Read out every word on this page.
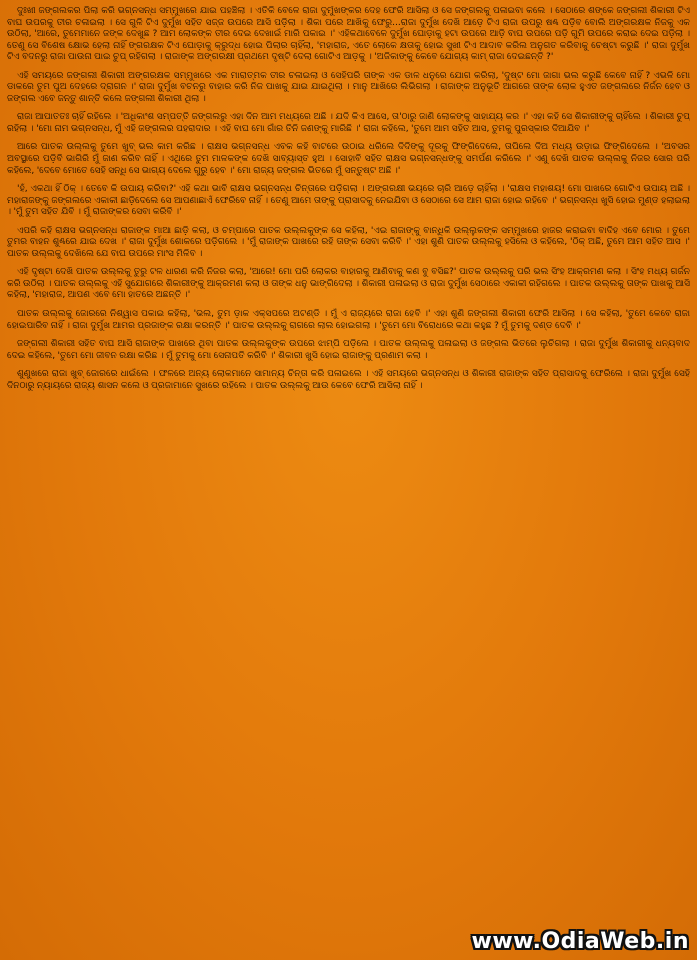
ଦୁଃଖୀ ଜଙ୍ଗଲକର ପିଲା କରି ଭଗ୍ନସନ୍ଧ ସମ୍ମୁଖରେ ଯାଇ ପହଞ୍ଚିଲା । ଏତିକି ବେଳେ ରାଜା ଦୁର୍ମୁଖଙ୍କର ଦେହ ଫେରି ଆସିଲା ଓ ସେ ଜଙ୍ଗଲକୁ ପଳାଇବା କଲେ । ସେଠାରେ ଶଙ୍କେ ଜଙ୍ଗଲୀ ଶିକାରୀ ଟିଏ ବାଘ ଉପରକୁ ତୀର ଚଳାଇଲା । ସେ ଗୁଳି ଟିଏ ଦୁର୍ମୁଖ ସହିତ ସଜ୍ଜ ଉପରେ ଆସି ପଡ଼ିଲା । ଶିକା ପରେ ଆଖିକୁ ଫେରୁ...ରାଜା ଦୁର୍ମୁଖ ଦେଖି ଆଡ଼େ ଟିଏ ରାଜା ଉପରୁ ଷଣ୍ଢ ପଡ଼ିବ ବୋଲି ଅଙ୍ଗରକ୍ଷକ ନିଜକୁ ଏକ ଉଠିଲା, 'ଆରେ, ତୁମେମାନେ ଜଙ୍କ ଦେଖୁଛ ? ଆମ ଲୋକଙ୍କ ତୀର ଦେଇ ଦେଖାଇଁ ମାରି ପକାଇ ।' ଏହିକଥାବେଳେ ଦୁର୍ମୁଖ ଘୋଡ଼ାକୁ ହଟା ଉପରେ ଆଡ଼ି ବାଘ ଉପରେ ପଡ଼ି ଗୁମି ଉପରେ କରାଇ ଦେଇ ପଡ଼ିଲା । ତେଣୁ ସେ ବିଶେଷ କ୍ଷୋଭ ହେଲା ନାହିଁ ଙ୍ଗରକ୍ଷକ ଟିଏ ଘୋଡ଼ାକୁ କ୍ରୁଦ୍ଧ ହୋଇ ପିଲାର ଚାହିଁଲା, 'ମହାରାଜ, ଏତେ ଲୋକେ କ୍ଷତାକୁ ହୋଇ ସୁଖୀ ଟିଏ ଆଦାବ କରିଲ ଅନୁଗତ କରିବାକୁ ଚେଷ୍ଟା କରୁଛି ।' ରାଜା ଦୁର୍ମୁଖ ଟିଏ ବଦନରୁ ରାଜା ପାଉନା ପାଇ ଚୁପ୍ ରହିଗଲା । ରାଜାଙ୍କ ଅଙ୍ଗରକ୍ଷୀ ପ୍ରଥମେ ଦୃଷ୍ଟି ଦେଲା ଗୋଟିଏ ଆଡ଼କୁ । 'ଅଜିକାଙ୍କୁ କେବେ ଯୋଗ୍ୟ କାମ୍ ରାଜା ଦେଇଛନ୍ତି ?'

ଏହି ସମୟରେ ଜଙ୍ଗଲୀ ଶିକାରୀ ଅଙ୍ଗରକ୍ଷକ ସମ୍ମୁଖରେ ଏକ ମାରାତ୍ମକ ତୀର ଚଳାଇଲା ଓ ସେହିପରି ତାଙ୍କ ଏକ ଡାଳ ଧନୁରେ ଯୋଗ କରିଲା, 'ଦୁଷ୍ଟ ମୋ ଜାଗା ଭଲ କରୁଛି କେବେ ନାହିଁ ? ଏଭଳି ମୋ ଡାକରେ ତୁମ ପୁଅ ଦେହରେ ଦ୍ରାଗନ ।' ରାଜା ଦୁର୍ମୁଖ ବଚନରୁ ବାହାର କରି ନିଜ ପାଖକୁ ଯାଇ ଯାଇଥିଲା । ମାନୁ ଆଖିରେ ଲିଭିଗଲା । ରାଜାଙ୍କ ଅନୁଭୂତି ଆଗରେ ତାଙ୍କ ଲୋକ ହୁଏତ ଜଙ୍ଗଲରେ ନିର୍ଜନ ହେବ ଓ ଜଙ୍ଗଲ ଏବେ ଜନ୍ତୁ ଶାନ୍ତି କଲେ ଜଙ୍ଗଲୀ ଶିକାରୀ ଥିଲା ।

ରାଜା ଆପାତତଃ ଚାହିଁ ରହିଲେ । 'ଅଧିକାଂଶ ସମ୍ପତ୍ତି ଜଙ୍ଗଲରୁ ଏହା ଦିନ ଆମ ମଧ୍ୟରେ ଅଛି । ଯଦି କିଏ ଆସେ, ତା'ଠାରୁ ଜାଣି ଲୋକଙ୍କୁ ସାହାଯ୍ୟ କର ।' ଏହା କହି ସେ ଶିକାରୀଙ୍କୁ ଚାହିଁଲେ । ଶିକାରୀ ଚୁପ୍ ରହିଲା । 'ମୋ ନାମ ଭଗ୍ନସନ୍ଧ, ମୁଁ ଏହି ଜଙ୍ଗଲର ପହରାଦାର । ଏହି ବାଘ ମୋ ଗାଁର ତିନି ଜଣଙ୍କୁ ମାରିଛି ।' ରାଜା କହିଲେ, 'ତୁମେ ଆମ ସହିତ ଆସ, ତୁମକୁ ପୁରସ୍କାର ଦିଆଯିବ ।'

ଆରେ ପାତକ ଉଲ୍ଲକୁ ତୁମେ ଖୁବ୍ ଭଲ କାମ କରିଛ । ରାକ୍ଷସ ଭଗ୍ନସନ୍ଧ ଏବକ କହି ବାଟରେ ଉଠାଇ ଧରିଲେ ଦିଦିଙ୍କୁ ଦୂରକୁ ଫିଙ୍ଗିଦେଲେ, ତାପିଲେ ଦିଅ ମଧ୍ୟ ଉଡ଼ାଇ ଫିଙ୍ଗିଦେଲେ । 'ଅବସର ଅବସ୍ଥାରେ ପଡ଼ିବି ଭାଗିରି ମୁଁ ଜାଣ କରିବ ନାହିଁ । ଏଥିରେ ତୁମ ମାଳକଙ୍କ ଦେଖି ସାବ୍ୟାସ୍ତ ହୁଅ । ସୋହାବି ସହିତ ରାକ୍ଷସ ଭଗ୍ନସନ୍ଧଙ୍କୁ ସମର୍ପଣ କରିଲେ ।' ଏଣୁ ଦେଖି ପାତକ ଉଲ୍ଲକୁ ନିଜର ସୋର ପରି କହିଲେ, 'ଦେବେ ମୋତେ ସେହି ସନ୍ଧି ସେ ଭାଗ୍ୟ ଦେଲେ ଗୁରୁ ହେବ ।' ମୋ ରାଜ୍ୟ ଜଙ୍ଗଲ ଭିତରେ ମୁଁ ସନ୍ତୁଷ୍ଟ ଅଛି ।'

'ହଁ, ଏକଥା ହିଁ ଠିକ୍ । ତେବେ କି ଉପାୟ କରିବା?' ଏହି କଥା ଭାବି ରାକ୍ଷସ ଭଗ୍ନସନ୍ଧ ଚିନ୍ତାରେ ପଡ଼ିଗଲା । ଅଙ୍ଗରକ୍ଷୀ ଭୟରେ ଚାରି ଆଡ଼େ ଚାହିଁଲା । 'ରାକ୍ଷସ ମହାଶୟ! ମୋ ପାଖରେ ଗୋଟିଏ ଉପାୟ ଅଛି । ମହାରାଜଙ୍କୁ ଜଙ୍ଗଲରେ ଏକାକୀ ଛାଡ଼ିଦେଲେ ସେ ଆପଣାଛାଏଁ ଫେରିବେ ନାହିଁ । ତେଣୁ ଆମେ ତାଙ୍କୁ ପ୍ରାସାଦକୁ ନେଇଯିବା ଓ ସେଠାରେ ସେ ଆମ ରାଜା ହୋଇ ରହିବେ ।' ଭଗ୍ନସନ୍ଧ ଖୁସି ହୋଇ ମୁଣ୍ଡ ହଲାଇଲା । 'ମୁଁ ତୁମ ସହିତ ଯିବି । ମୁଁ ରାଜାଙ୍କର ସେବା କରିବି ।'

ଏପରି କହି ରାକ୍ଷସ ଭଗ୍ନସନ୍ଧ ରାଜାଙ୍କ ମାଆ ଛାଡ଼ି କଲା, ଓ ଚମ୍ପାରେ ପାତକ ଉଲ୍ଲକୁଙ୍କ ସେ କହିଲା, 'ଏଇ ରାଜାଙ୍କୁ ବାନ୍ଧିକି ଉଲ୍ଲୁକଙ୍କ ସମ୍ମୁଖରେ ହାଜର କରାଇବା ବାଦିହ ଏବେ ମୋର । ତୁମେ ତୁମର ବାହନ ଶୁଣ୍ଢରେ ଯାଇ ଦେଖ ।' ରାଜା ଦୁର୍ମୁଖ ଶୋକରେ ପଡ଼ିଗଲେ । 'ମୁଁ ରାଜାଙ୍କ ପାଖରେ ରହି ତାଙ୍କ ସେବା କରିବି ।' ଏହା ଶୁଣି ପାତକ ଉଲ୍ଲକୁ ହସିଲେ ଓ କହିଲେ, 'ଠିକ୍ ଅଛି, ତୁମେ ଆମ ସହିତ ଆସ ।' ପାତକ ଉଲ୍ଲକୁ ଦେଖିଲେ ଯେ ବାଘ ଉପରେ ମାଂସ ମିଳିବ ।

ଏହି ଦୃଷ୍ଟା ଦେଖି ପାତକ ଉଲ୍ଲକୁ ତୁରୁ ଟଳ ଧାରଣ କରି ନିଜର କଲା, 'ଆରେ! ମୋ ପରି ଲୋକର ବାହାରକୁ ଆଣିବାକୁ କଣ ବୁ ବସିଛ?' ପାତକ ଉଲ୍ଲକୁ ପରି ଭଲ ସିଂହ ଆକ୍ରମଣ କଲା । ସିଂହ ମଧ୍ୟ ଗର୍ଜନ କରି ଉଠିଲା । ପାତକ ଉଲ୍ଲକୁ ଏହି ସୁଯୋଗରେ ଶିକାରୀଙ୍କୁ ଆକ୍ରମଣ କଲା ଓ ତାଙ୍କ ଧନୁ ଭାଙ୍ଗିଦେଲା । ଶିକାରୀ ପଳାଇଲା ଓ ରାଜା ଦୁର୍ମୁଖ ସେଠାରେ ଏକାକୀ ରହିଗଲେ । ପାତକ ଉଲ୍ଲକୁ ତାଙ୍କ ପାଖକୁ ଆସି କହିଲା, 'ମହାରାଜ, ଆପଣ ଏବେ ମୋ ହାତରେ ଅଛନ୍ତି ।'

ପାତକ ଉଲ୍ଲକୁ ଜୋରରେ ନିଶ୍ୱାସ ପକାଇ କହିଲା, 'ଭଲ, ତୁମ ଡ଼ାକ ଏକ୍ସପରେ ଅଟଣ୍ଡି । ମୁଁ ଏ ରାଜ୍ୟରେ ରାଜା ହେବି ।' ଏହା ଶୁଣି ଜଙ୍ଗଲୀ ଶିକାରୀ ଫେରି ଆସିଲା । ସେ କହିଲା, 'ତୁମେ କେବେ ରାଜା ହୋଇପାରିବ ନାହିଁ । ରାଜା ଦୁର୍ମୁଖ ଆମର ପ୍ରଜାଙ୍କ ରକ୍ଷା କରନ୍ତି ।' ପାତକ ଉଲ୍ଲକୁ ରାଗରେ ଲାଲ ହୋଇଗଲା । 'ତୁମେ ମୋ ବିରୋଧରେ କଥା କହୁଛ ? ମୁଁ ତୁମକୁ ଦଣ୍ଡ ଦେବି ।'

ଜଙ୍ଗଲୀ ଶିକାରୀ ସହିତ ବାଘ ଆସି ରାଜାଙ୍କ ପାଖରେ ଥିବା ପାତକ ଉଲ୍ଲକୁଙ୍କ ଉପରେ ଝାମ୍ପି ପଡ଼ିଲେ । ପାତକ ଉଲ୍ଲକୁ ପଳାଇଲା ଓ ଜଙ୍ଗଲ ଭିତରେ ଲୁଚିଗଲା । ରାଜା ଦୁର୍ମୁଖ ଶିକାରୀକୁ ଧନ୍ୟବାଦ ଦେଇ କହିଲେ, 'ତୁମେ ମୋ ଜୀବନ ରକ୍ଷା କରିଛ । ମୁଁ ତୁମକୁ ମୋ ସେନାପତି କରିବି ।' ଶିକାରୀ ଖୁସି ହୋଇ ରାଜାଙ୍କୁ ପ୍ରଣାମ କଲା ।

ଶୁଣୁଖରେ ରାଜା ଖୁବ୍ ଜୋରରେ ଧାଇଁଲେ । ଫଳରେ ଅନ୍ୟ ଲୋକମାନେ ସାମାନ୍ୟ ଚିନ୍ତା କରି ପଳାଇଲେ । ଏହି ସମୟରେ ଭଗ୍ନସନ୍ଧ ଓ ଶିକାରୀ ରାଜାଙ୍କ ସହିତ ପ୍ରାସାଦକୁ ଫେରିଲେ । ରାଜା ଦୁର୍ମୁଖ ସେହି ଦିନଠାରୁ ନ୍ୟାୟରେ ରାଜ୍ୟ ଶାସନ କଲେ ଓ ପ୍ରଜାମାନେ ସୁଖରେ ରହିଲେ । ପାତକ ଉଲ୍ଲକୁ ଆଉ କେବେ ଫେରି ଆସିଲା ନାହିଁ ।

www.OdiaWeb.in
